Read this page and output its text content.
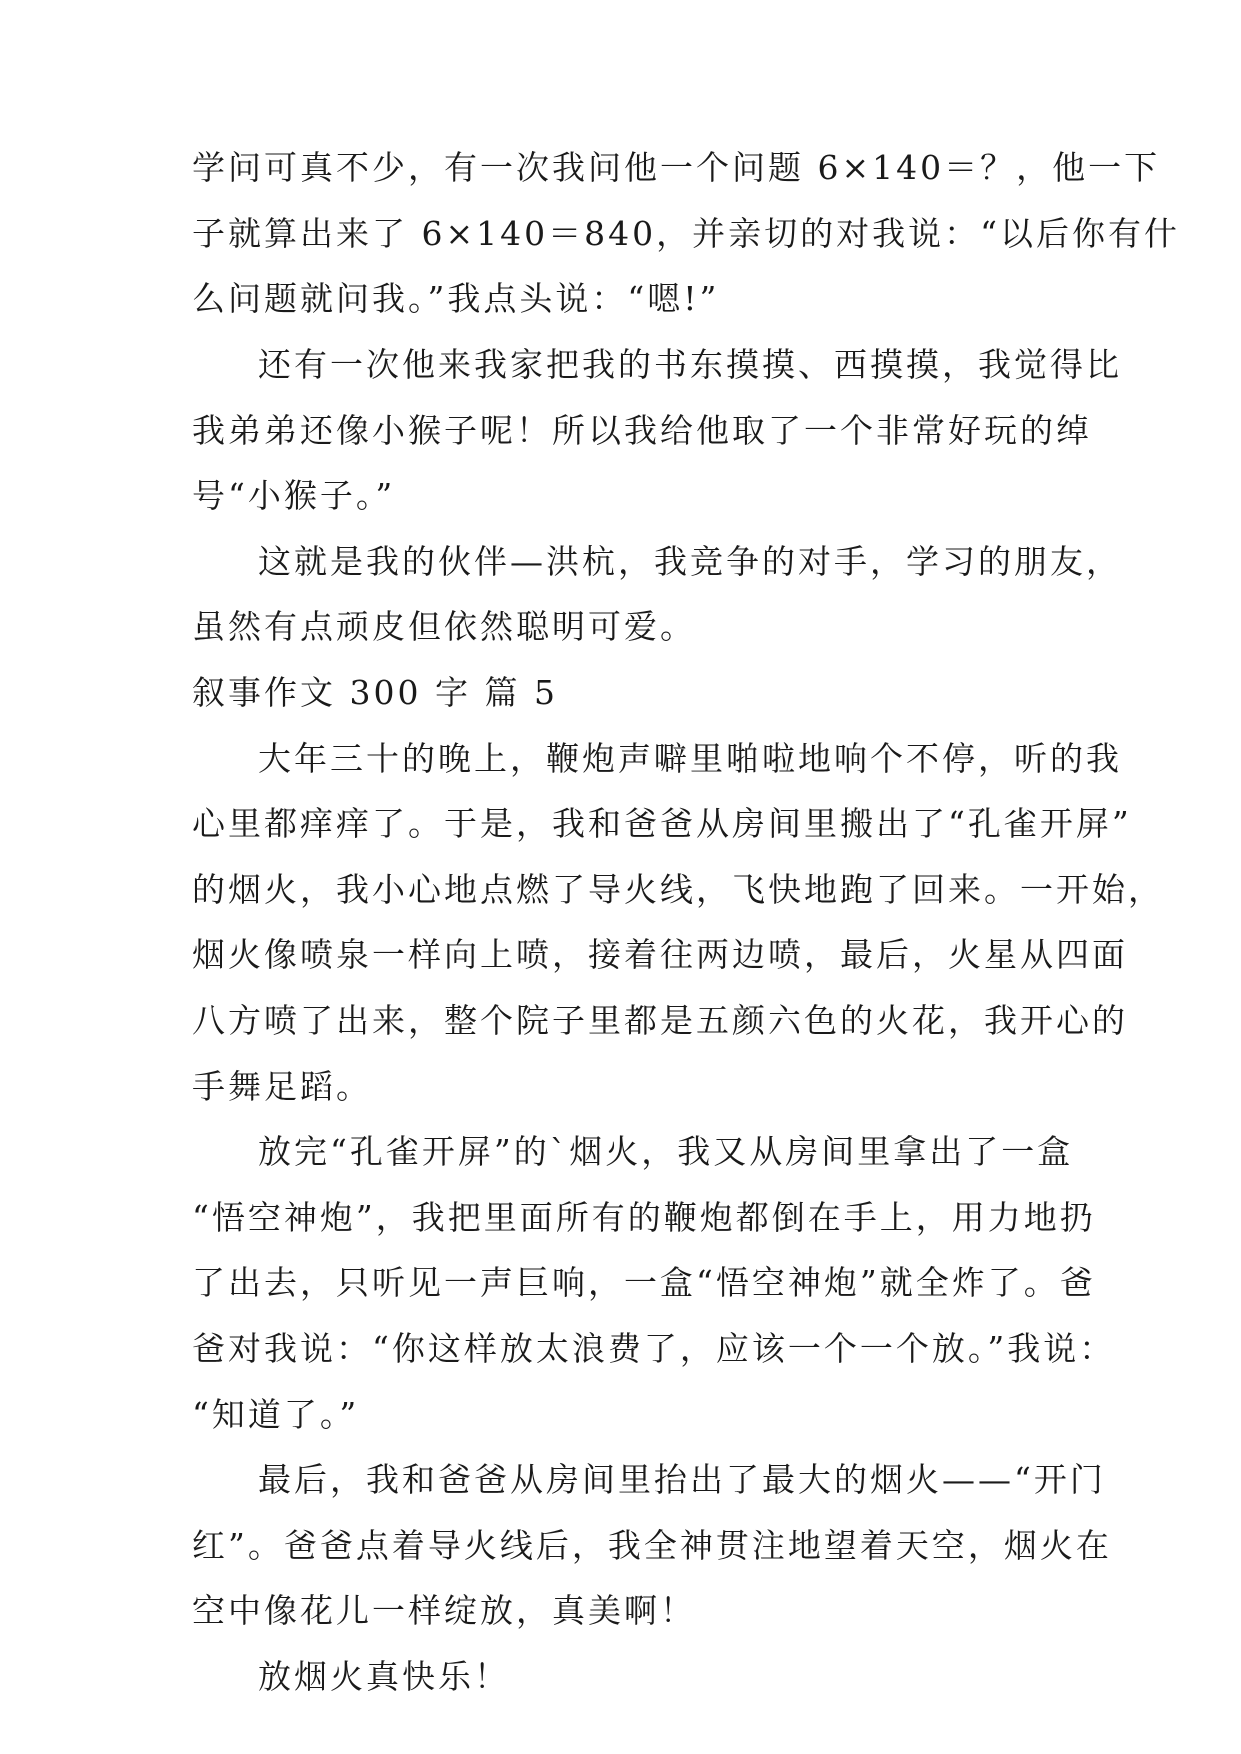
学问可真不少，有一次我问他一个问题 6×140＝？，他一下
子就算出来了 6×140＝840，并亲切的对我说：“以后你有什
么问题就问我。”我点头说：“嗯!”
还有一次他来我家把我的书东摸摸、西摸摸，我觉得比
我弟弟还像小猴子呢！所以我给他取了一个非常好玩的绰
号“小猴子。”
这就是我的伙伴—洪杭，我竞争的对手，学习的朋友，
虽然有点顽皮但依然聪明可爱。
叙事作文 300 字 篇 5
大年三十的晚上，鞭炮声噼里啪啦地响个不停，听的我
心里都痒痒了。于是，我和爸爸从房间里搬出了“孔雀开屏”
的烟火，我小心地点燃了导火线，飞快地跑了回来。一开始，
烟火像喷泉一样向上喷，接着往两边喷，最后，火星从四面
八方喷了出来，整个院子里都是五颜六色的火花，我开心的
手舞足蹈。
放完“孔雀开屏”的`烟火，我又从房间里拿出了一盒
“悟空神炮”，我把里面所有的鞭炮都倒在手上，用力地扔
了出去，只听见一声巨响，一盒“悟空神炮”就全炸了。爸
爸对我说：“你这样放太浪费了，应该一个一个放。”我说：
“知道了。”
最后，我和爸爸从房间里抬出了最大的烟火——“开门
红”。爸爸点着导火线后，我全神贯注地望着天空，烟火在
空中像花儿一样绽放，真美啊！
放烟火真快乐！
